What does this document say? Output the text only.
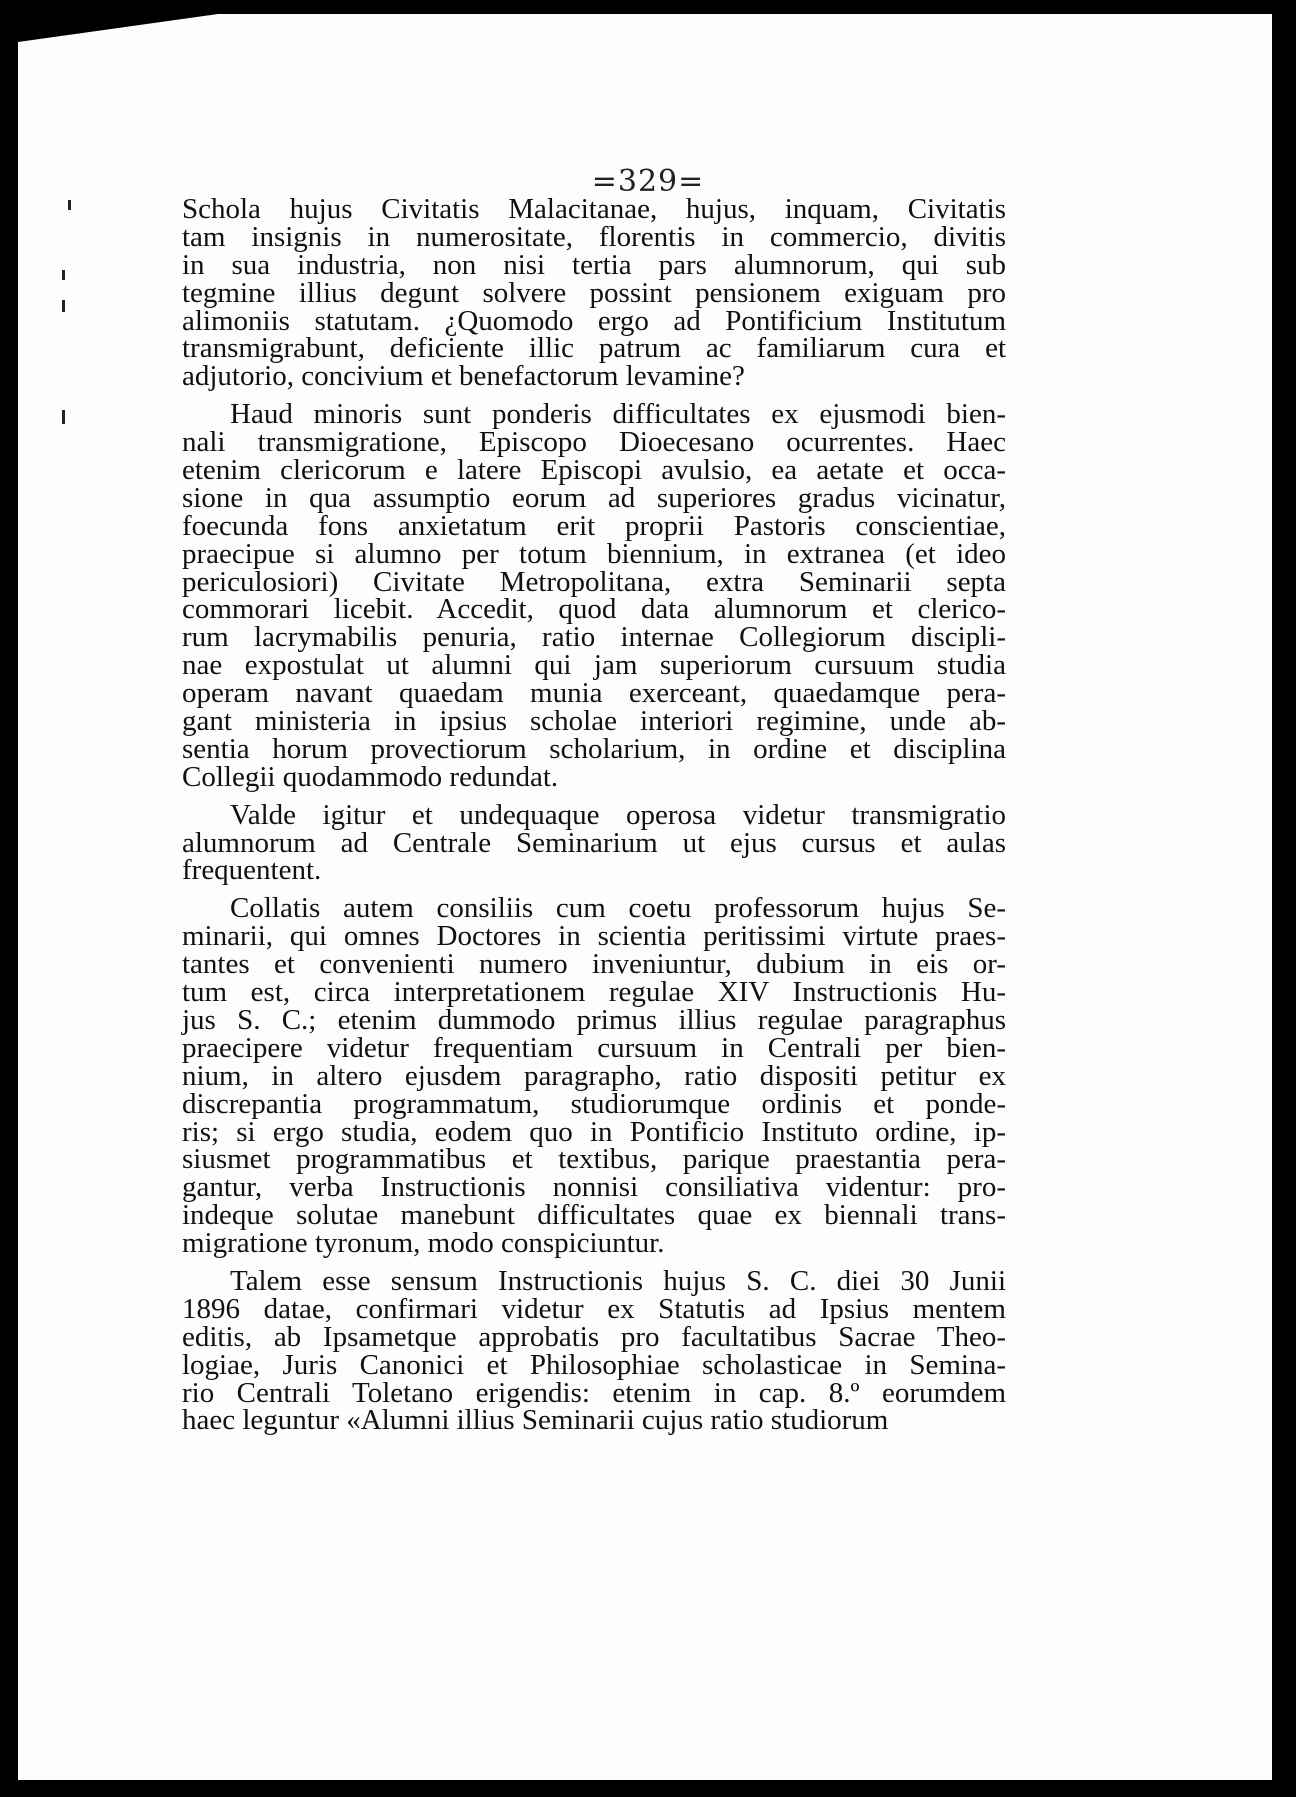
=329=
Schola hujus Civitatis Malacitanae, hujus, inquam, Civitatis
tam insignis in numerositate, florentis in commercio, divitis
in sua industria, non nisi tertia pars alumnorum, qui sub
tegmine illius degunt solvere possint pensionem exiguam pro
alimoniis statutam. ¿Quomodo ergo ad Pontificium Institutum
transmigrabunt, deficiente illic patrum ac familiarum cura et
adjutorio, concivium et benefactorum levamine?
Haud minoris sunt ponderis difficultates ex ejusmodi bien-
nali transmigratione, Episcopo Dioecesano ocurrentes. Haec
etenim clericorum e latere Episcopi avulsio, ea aetate et occa-
sione in qua assumptio eorum ad superiores gradus vicinatur,
foecunda fons anxietatum erit proprii Pastoris conscientiae,
praecipue si alumno per totum biennium, in extranea (et ideo
periculosiori) Civitate Metropolitana, extra Seminarii septa
commorari licebit. Accedit, quod data alumnorum et clerico-
rum lacrymabilis penuria, ratio internae Collegiorum discipli-
nae expostulat ut alumni qui jam superiorum cursuum studia
operam navant quaedam munia exerceant, quaedamque pera-
gant ministeria in ipsius scholae interiori regimine, unde ab-
sentia horum provectiorum scholarium, in ordine et disciplina
Collegii quodammodo redundat.
Valde igitur et undequaque operosa videtur transmigratio
alumnorum ad Centrale Seminarium ut ejus cursus et aulas
frequentent.
Collatis autem consiliis cum coetu professorum hujus Se-
minarii, qui omnes Doctores in scientia peritissimi virtute praes-
tantes et convenienti numero inveniuntur, dubium in eis or-
tum est, circa interpretationem regulae XIV Instructionis Hu-
jus S. C.; etenim dummodo primus illius regulae paragraphus
praecipere videtur frequentiam cursuum in Centrali per bien-
nium, in altero ejusdem paragrapho, ratio dispositi petitur ex
discrepantia programmatum, studiorumque ordinis et ponde-
ris; si ergo studia, eodem quo in Pontificio Instituto ordine, ip-
siusmet programmatibus et textibus, parique praestantia pera-
gantur, verba Instructionis nonnisi consiliativa videntur: pro-
indeque solutae manebunt difficultates quae ex biennali trans-
migratione tyronum, modo conspiciuntur.
Talem esse sensum Instructionis hujus S. C. diei 30 Junii
1896 datae, confirmari videtur ex Statutis ad Ipsius mentem
editis, ab Ipsametque approbatis pro facultatibus Sacrae Theo-
logiae, Juris Canonici et Philosophiae scholasticae in Semina-
rio Centrali Toletano erigendis: etenim in cap. 8.º eorumdem
haec leguntur «Alumni illius Seminarii cujus ratio studiorum
